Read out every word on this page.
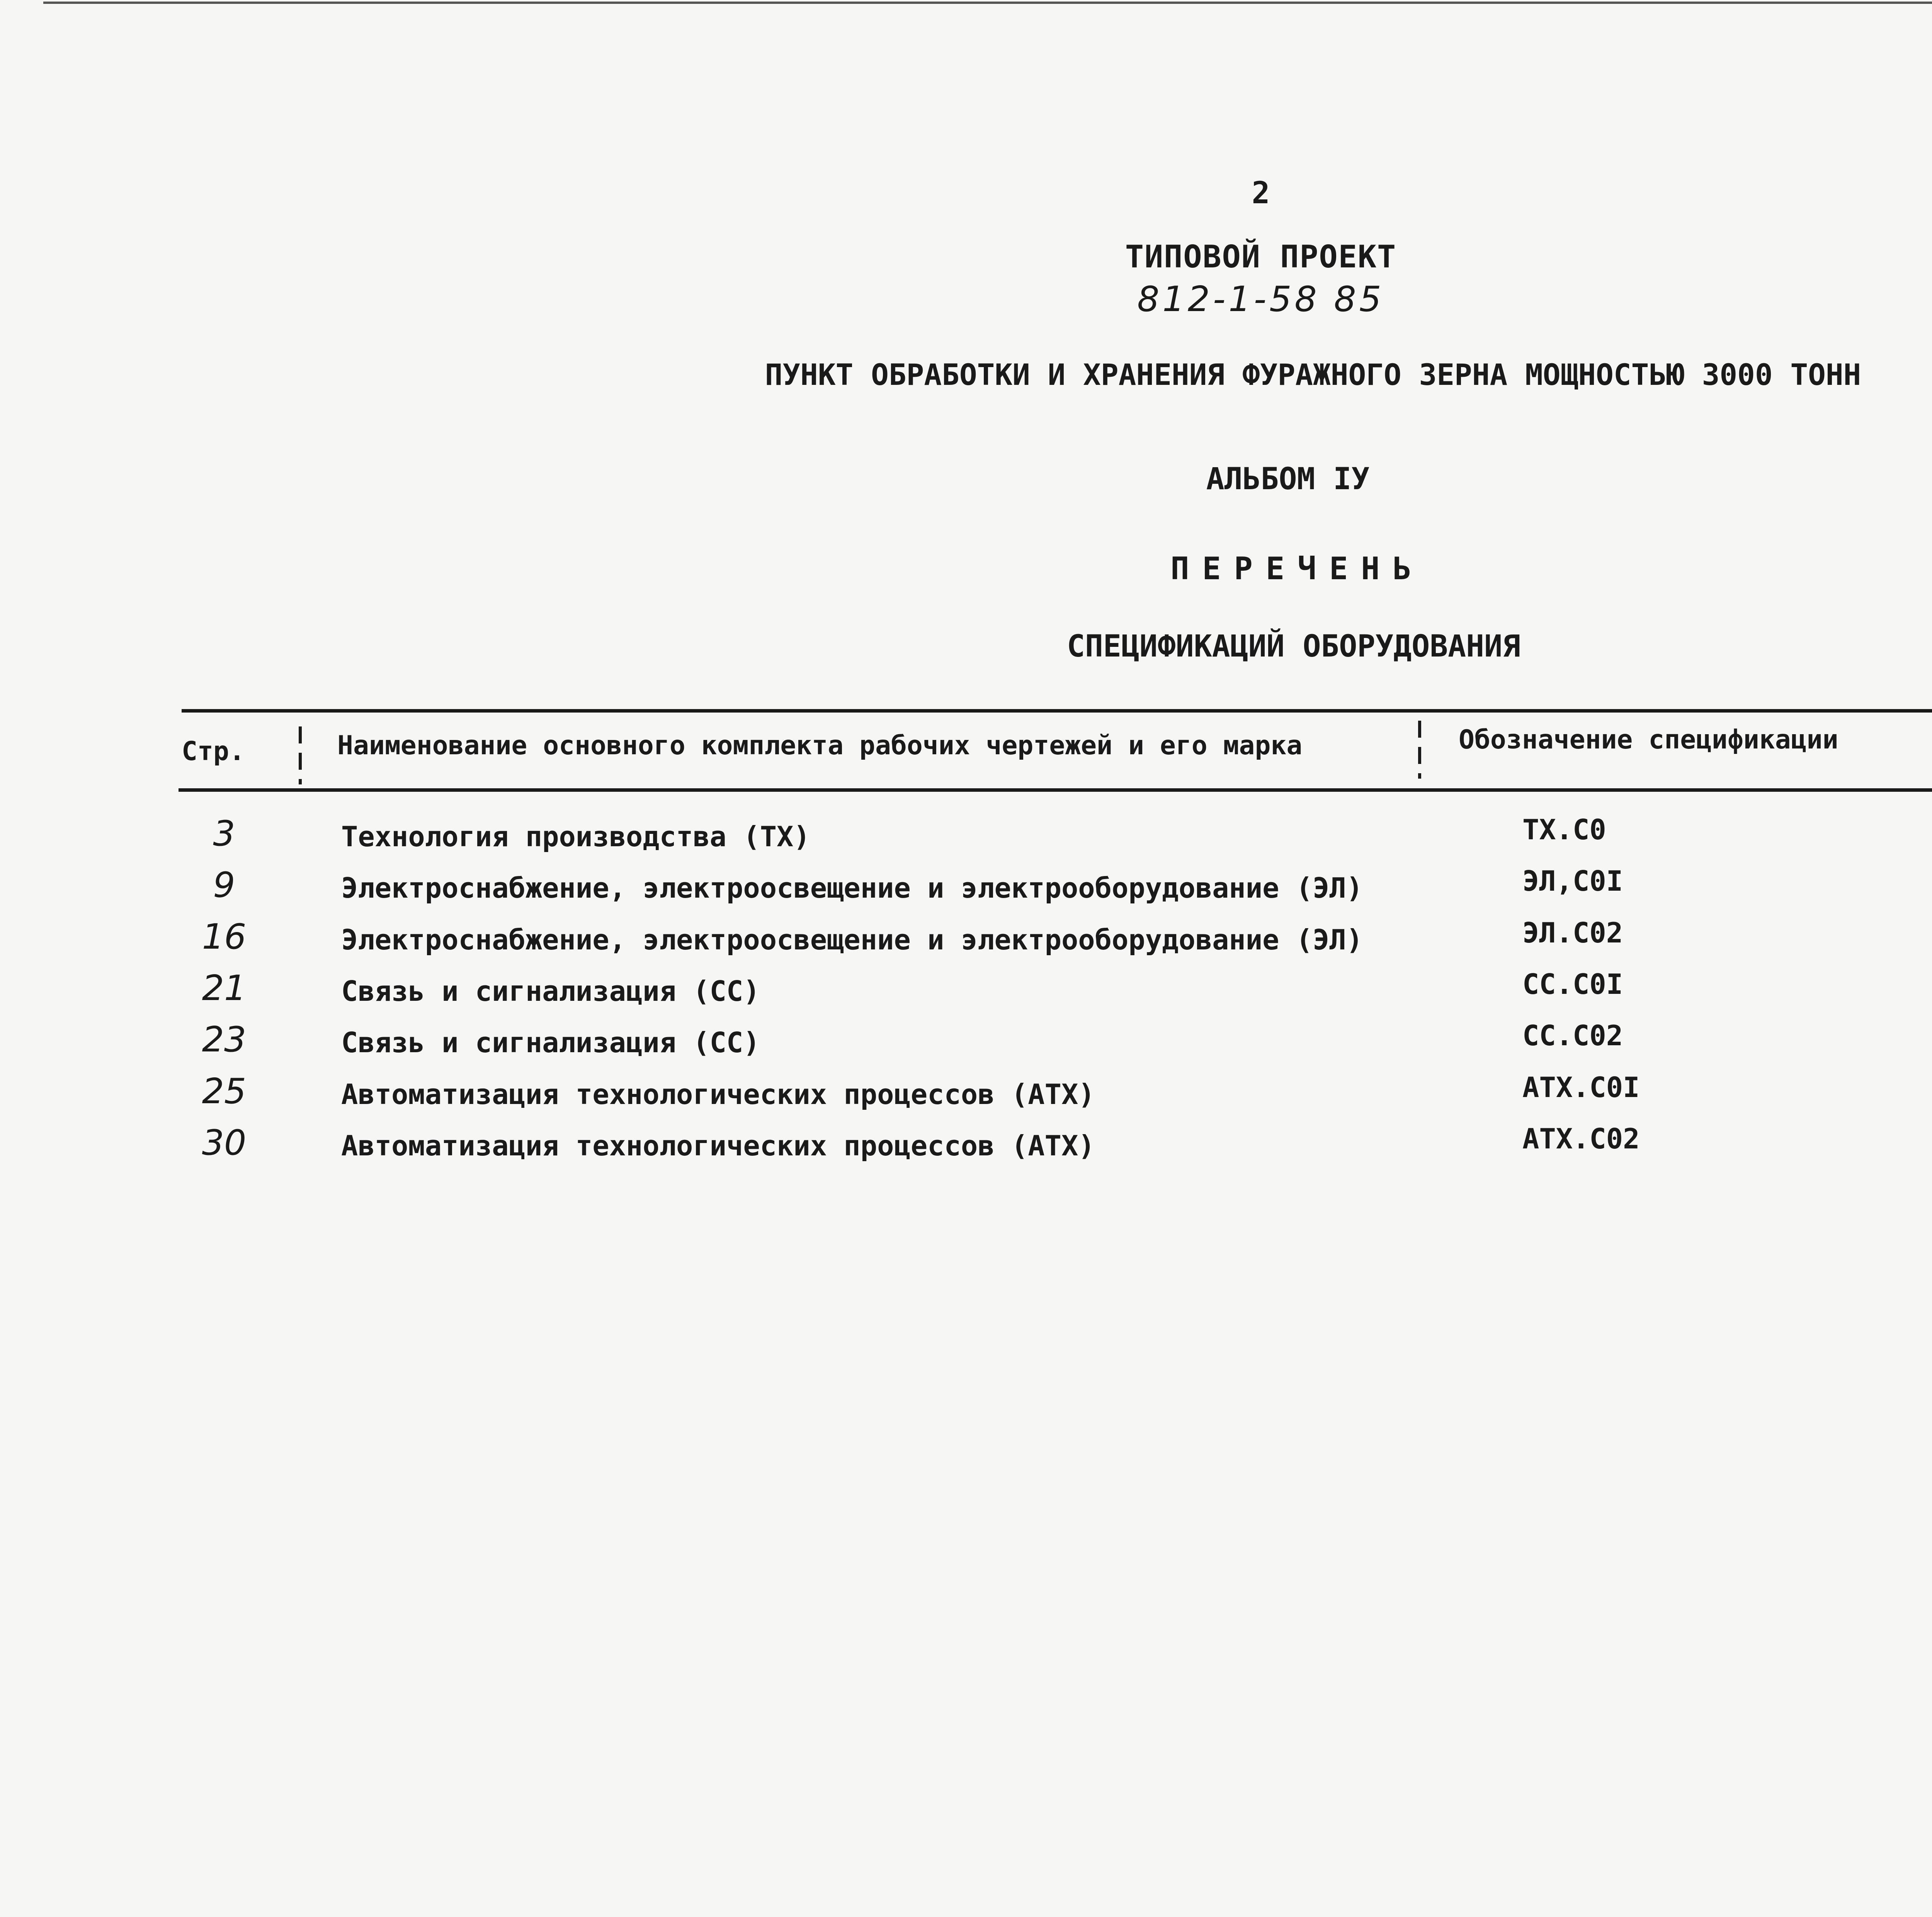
2
ТИПОВОЙ ПРОЕКТ
812-1-58 85
ПУНКТ ОБРАБОТКИ И ХРАНЕНИЯ ФУРАЖНОГО ЗЕРНА МОЩНОСТЬЮ 3000 ТОНН
АЛЬБОМ IУ
ПЕРЕЧЕНЬ
СПЕЦИФИКАЦИЙ ОБОРУДОВАНИЯ
Стр.	Наименование основного комплекта рабочих чертежей и его марка	Обозначение спецификации
3	Технология производства (ТХ)	ТХ.С0
9	Электроснабжение, электроосвещение и электрооборудование (ЭЛ)	ЭЛ,С0I
16	Электроснабжение, электроосвещение и электрооборудование (ЭЛ)	ЭЛ.С02
21	Связь и сигнализация (СС)	СС.С0I
23	Связь и сигнализация (СС)	СС.С02
25	Автоматизация технологических процессов (АТХ)	АТХ.С0I
30	Автоматизация технологических процессов (АТХ)	АТХ.С02
